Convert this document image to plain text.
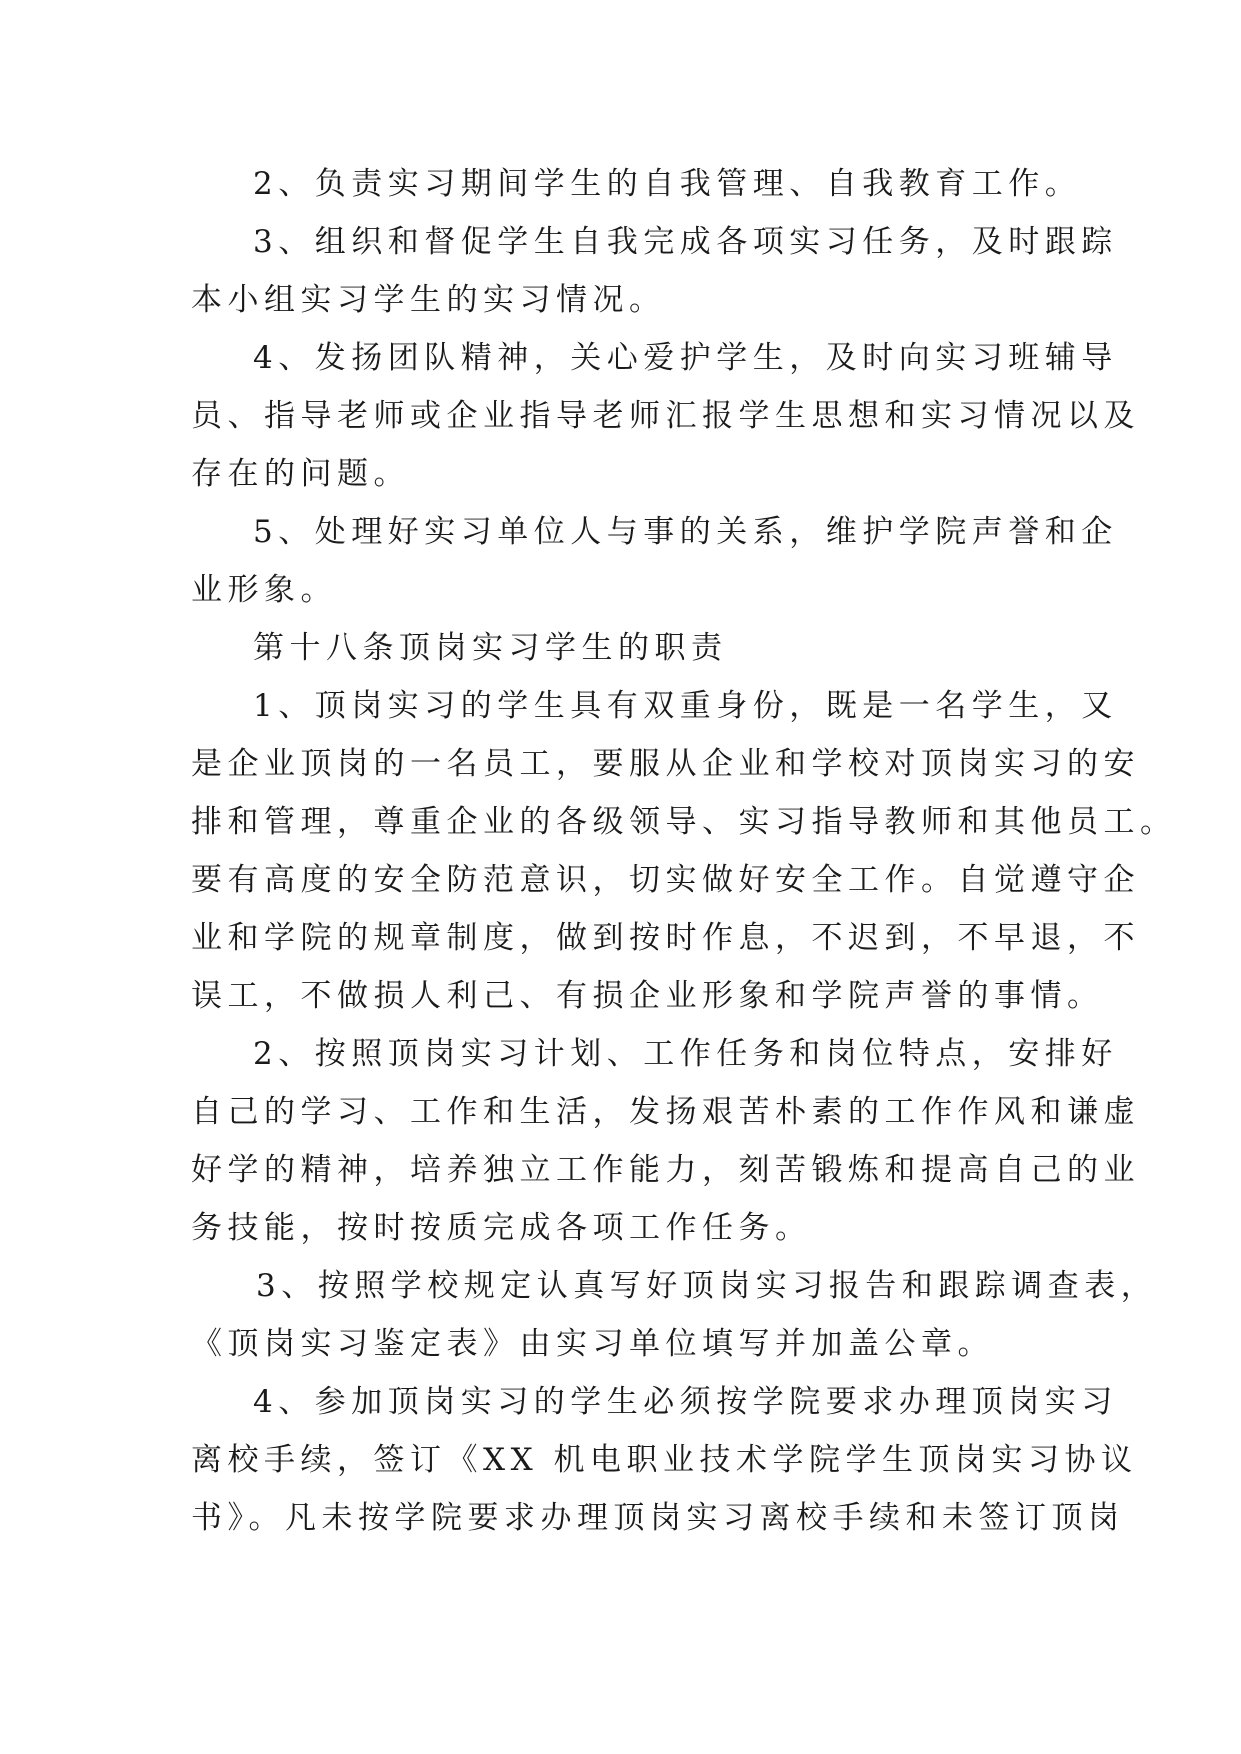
2、负责实习期间学生的自我管理、自我教育工作。
3、组织和督促学生自我完成各项实习任务，及时跟踪
本小组实习学生的实习情况。
4、发扬团队精神，关心爱护学生，及时向实习班辅导
员、指导老师或企业指导老师汇报学生思想和实习情况以及
存在的问题。
5、处理好实习单位人与事的关系，维护学院声誉和企
业形象。
第十八条顶岗实习学生的职责
1、顶岗实习的学生具有双重身份，既是一名学生，又
是企业顶岗的一名员工，要服从企业和学校对顶岗实习的安
排和管理，尊重企业的各级领导、实习指导教师和其他员工。
要有高度的安全防范意识，切实做好安全工作。自觉遵守企
业和学院的规章制度，做到按时作息，不迟到，不早退，不
误工，不做损人利己、有损企业形象和学院声誉的事情。
2、按照顶岗实习计划、工作任务和岗位特点，安排好
自己的学习、工作和生活，发扬艰苦朴素的工作作风和谦虚
好学的精神，培养独立工作能力，刻苦锻炼和提高自己的业
务技能，按时按质完成各项工作任务。
3、按照学校规定认真写好顶岗实习报告和跟踪调查表，
《顶岗实习鉴定表》由实习单位填写并加盖公章。
4、参加顶岗实习的学生必须按学院要求办理顶岗实习
离校手续，签订《XX 机电职业技术学院学生顶岗实习协议
书》。凡未按学院要求办理顶岗实习离校手续和未签订顶岗
